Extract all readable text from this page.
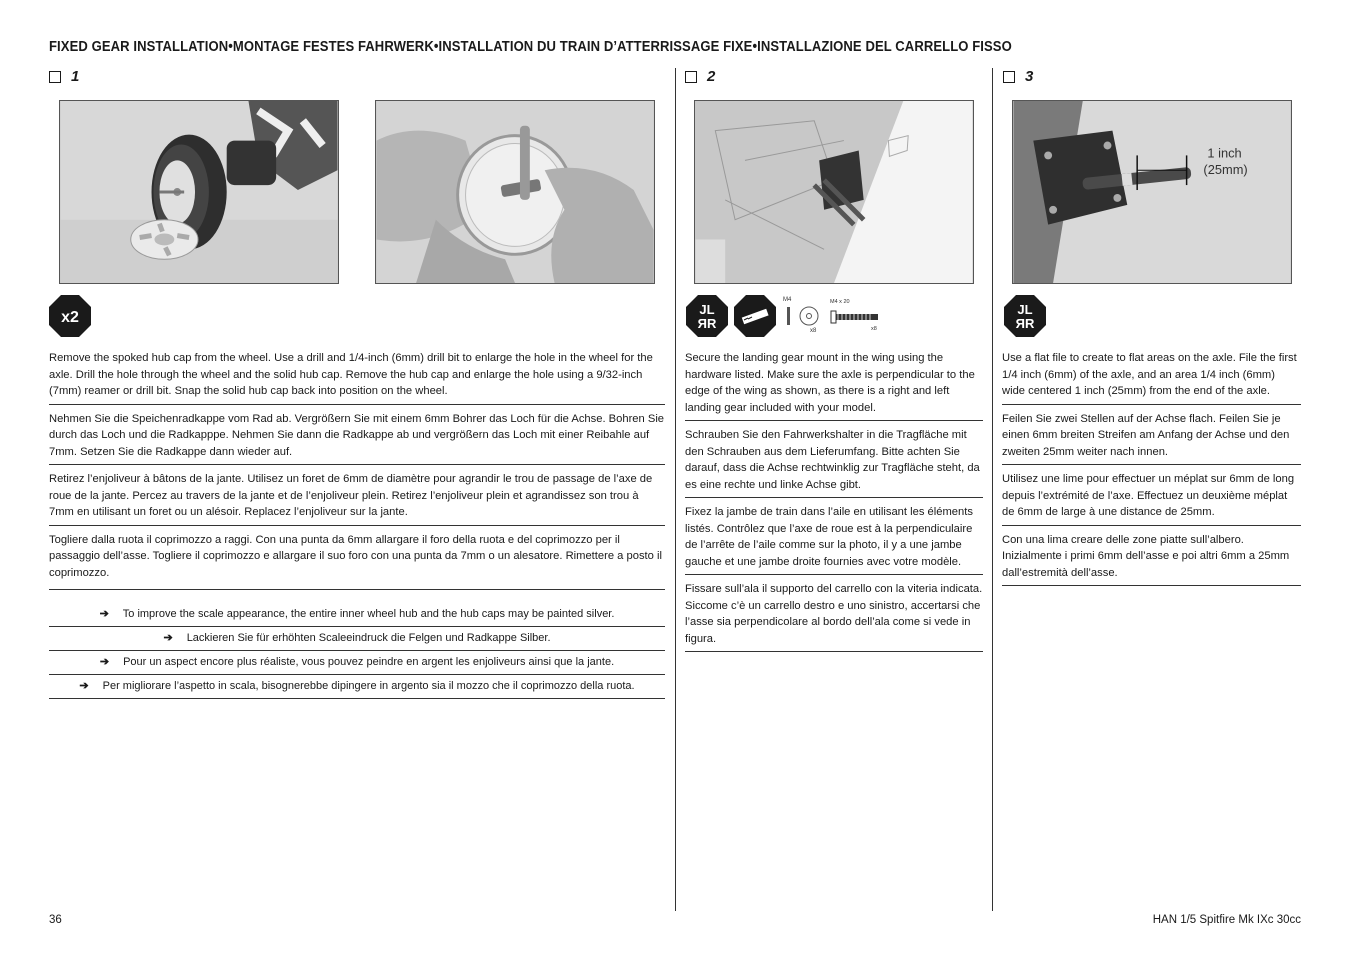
FIXED GEAR INSTALLATION•MONTAGE FESTES FAHRWERK•INSTALLATION DU TRAIN D’ATTERRISSAGE FIXE•INSTALLAZIONE DEL CARRELLO FISSO
1	2	3
1 inch
(25mm)
x2	JL
ЯR
M4
x8
M4 x 20
x8
JL
ЯR
Remove the spoked hub cap from the wheel. Use a drill and 1/4-inch (6mm) drill bit to enlarge the hole in the wheel for the axle. Drill the hole through the wheel and the solid hub cap. Remove the hub cap and enlarge the hole using a 9/32-inch (7mm) reamer or drill bit. Snap the solid hub cap back into position on the wheel.
Nehmen Sie die Speichenradkappe vom Rad ab. Vergrößern Sie mit einem 6mm Bohrer das Loch für die Achse. Bohren Sie durch das Loch und die Radkapppe. Nehmen Sie dann die Radkappe ab und vergrößern das Loch mit einer Reibahle auf 7mm. Setzen Sie die Radkappe dann wieder auf.
Retirez l’enjoliveur à bâtons de la jante. Utilisez un foret de 6mm de diamètre pour agrandir le trou de passage de l’axe de roue de la jante. Percez au travers de la jante et de l’enjoliveur plein. Retirez l’enjoliveur plein et agrandissez son trou à 7mm en utilisant un foret ou un alésoir. Replacez l’enjoliveur sur la jante.
Togliere dalla ruota il coprimozzo a raggi. Con una punta da 6mm allargare il foro della ruota e del coprimozzo per il passaggio dell’asse. Togliere il coprimozzo e allargare il suo foro con una punta da 7mm o un alesatore. Rimettere a posto il coprimozzo.
➔ To improve the scale appearance, the entire inner wheel hub and the hub caps may be painted silver.
➔ Lackieren Sie für erhöhten Scaleeindruck die Felgen und Radkappe Silber.
➔ Pour un aspect encore plus réaliste, vous pouvez peindre en argent les enjoliveurs ainsi que la jante.
➔ Per migliorare l’aspetto in scala, bisognerebbe dipingere in argento sia il mozzo che il coprimozzo della ruota.
Secure the landing gear mount in the wing using the hardware listed. Make sure the axle is perpendicular to the edge of the wing as shown, as there is a right and left landing gear included with your model.
Schrauben Sie den Fahrwerkshalter in die Tragfläche mit den Schrauben aus dem Lieferumfang. Bitte achten Sie darauf, dass die Achse rechtwinklig zur Tragfläche steht, da es eine rechte und linke Achse gibt.
Fixez la jambe de train dans l’aile en utilisant les éléments listés. Contrôlez que l’axe de roue est à la perpendiculaire de l’arrête de l’aile comme sur la photo, il y a une jambe gauche et une jambe droite fournies avec votre modèle.
Fissare sull’ala il supporto del carrello con la viteria indicata. Siccome c’è un carrello destro e uno sinistro, accertarsi che l’asse sia perpendicolare al bordo dell’ala come si vede in figura.
Use a flat file to create to flat areas on the axle. File the first 1/4 inch (6mm) of the axle, and an area 1/4 inch (6mm) wide centered 1 inch (25mm) from the end of the axle.
Feilen Sie zwei Stellen auf der Achse flach. Feilen Sie je einen 6mm breiten Streifen am Anfang der Achse und den zweiten 25mm weiter nach innen.
Utilisez une lime pour effectuer un méplat sur 6mm de long depuis l’extrémité de l’axe. Effectuez un deuxième méplat de 6mm de large à une distance de 25mm.
Con una lima creare delle zone piatte sull’albero. Inizialmente i primi 6mm dell’asse e poi altri 6mm a 25mm dall’estremità dell’asse.
36	HAN 1/5 Spitfire Mk IXc 30cc
